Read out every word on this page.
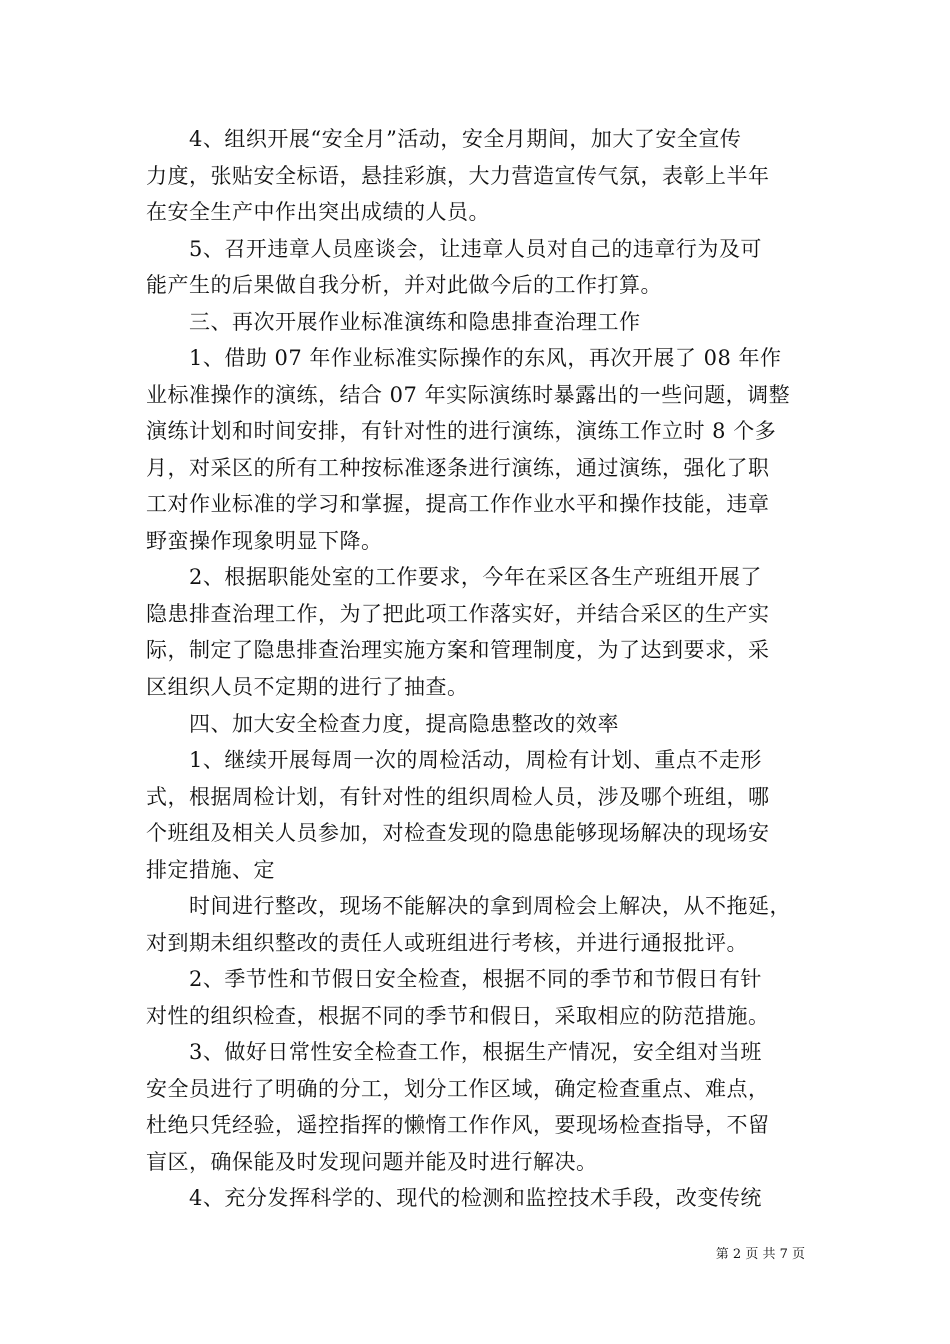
4、组织开展“安全月”活动，安全月期间，加大了安全宣传
力度，张贴安全标语，悬挂彩旗，大力营造宣传气氛，表彰上半年
在安全生产中作出突出成绩的人员。
5、召开违章人员座谈会，让违章人员对自己的违章行为及可
能产生的后果做自我分析，并对此做今后的工作打算。
三、再次开展作业标准演练和隐患排查治理工作
1、借助 07 年作业标准实际操作的东风，再次开展了 08 年作
业标准操作的演练，结合 07 年实际演练时暴露出的一些问题，调整
演练计划和时间安排，有针对性的进行演练，演练工作立时 8 个多
月，对采区的所有工种按标准逐条进行演练，通过演练，强化了职
工对作业标准的学习和掌握，提高工作作业水平和操作技能，违章
野蛮操作现象明显下降。
2、根据职能处室的工作要求，今年在采区各生产班组开展了
隐患排查治理工作，为了把此项工作落实好，并结合采区的生产实
际，制定了隐患排查治理实施方案和管理制度，为了达到要求，采
区组织人员不定期的进行了抽查。
四、加大安全检查力度，提高隐患整改的效率
1、继续开展每周一次的周检活动，周检有计划、重点不走形
式，根据周检计划，有针对性的组织周检人员，涉及哪个班组，哪
个班组及相关人员参加，对检查发现的隐患能够现场解决的现场安
排定措施、定
时间进行整改，现场不能解决的拿到周检会上解决，从不拖延，
对到期未组织整改的责任人或班组进行考核，并进行通报批评。
2、季节性和节假日安全检查，根据不同的季节和节假日有针
对性的组织检查，根据不同的季节和假日，采取相应的防范措施。
3、做好日常性安全检查工作，根据生产情况，安全组对当班
安全员进行了明确的分工，划分工作区域，确定检查重点、难点，
杜绝只凭经验，遥控指挥的懒惰工作作风，要现场检查指导，不留
盲区，确保能及时发现问题并能及时进行解决。
4、充分发挥科学的、现代的检测和监控技术手段，改变传统
第 2 页 共 7 页
